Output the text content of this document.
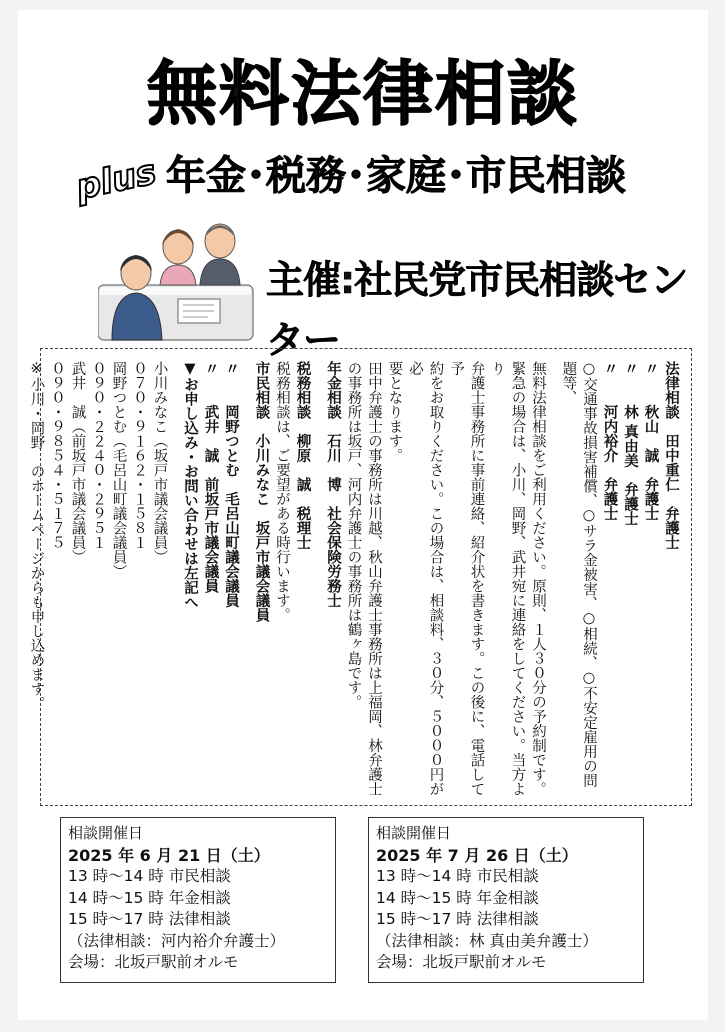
無料法律相談
plus 年金･税務･家庭･市民相談
主催:社民党市民相談センター

法律相談　田中重仁　弁護士

〃　　秋山　誠　弁護士

〃　　林 真由美　弁護士

〃　　河内裕介　弁護士

○交通事故損害補償、○サラ金被害、○相続、○不安定雇用の問題等、

無料法律相談をご利用ください。原則、１人３０分の予約制です。

緊急の場合は、小川、岡野、武井宛に連絡をしてください。当方より

弁護士事務所に事前連絡、紹介状を書きます。この後に、電話して予

約をお取りください。この場合は、相談料、３０分、５０００円が必

要となります。

田中弁護士の事務所は川越、秋山弁護士事務所は上福岡、林弁護士

の事務所は坂戸、河内弁護士の事務所は鶴ヶ島です。

年金相談　石川　博　社会保険労務士

税務相談　柳原　誠　税理士

税務相談は、ご要望がある時行います。

市民相談　小川みなこ　坂戸市議会議員

〃　　岡野つとむ　毛呂山町議会議員

〃　　武井　誠　前坂戸市議会議員

▼お申し込み・お問い合わせは左記へ

小川みなこ（坂戸市議会議員）

０７０・９１６２・１５８１

岡野つとむ（毛呂山町議会議員）

０９０・２２４０・２９５１

武井　誠（前坂戸市議会議員）

０９０・９８５４・５１７５

※小川・岡野　のホームページからも申し込めます。

相談開催日
2025 年 6 月 21 日（土）
13 時～14 時 市民相談
14 時～15 時 年金相談
15 時～17 時 法律相談
（法律相談：河内裕介弁護士）
会場：北坂戸駅前オルモ
相談開催日
2025 年 7 月 26 日（土）
13 時～14 時 市民相談
14 時～15 時 年金相談
15 時～17 時 法律相談
（法律相談：林 真由美弁護士）
会場：北坂戸駅前オルモ
